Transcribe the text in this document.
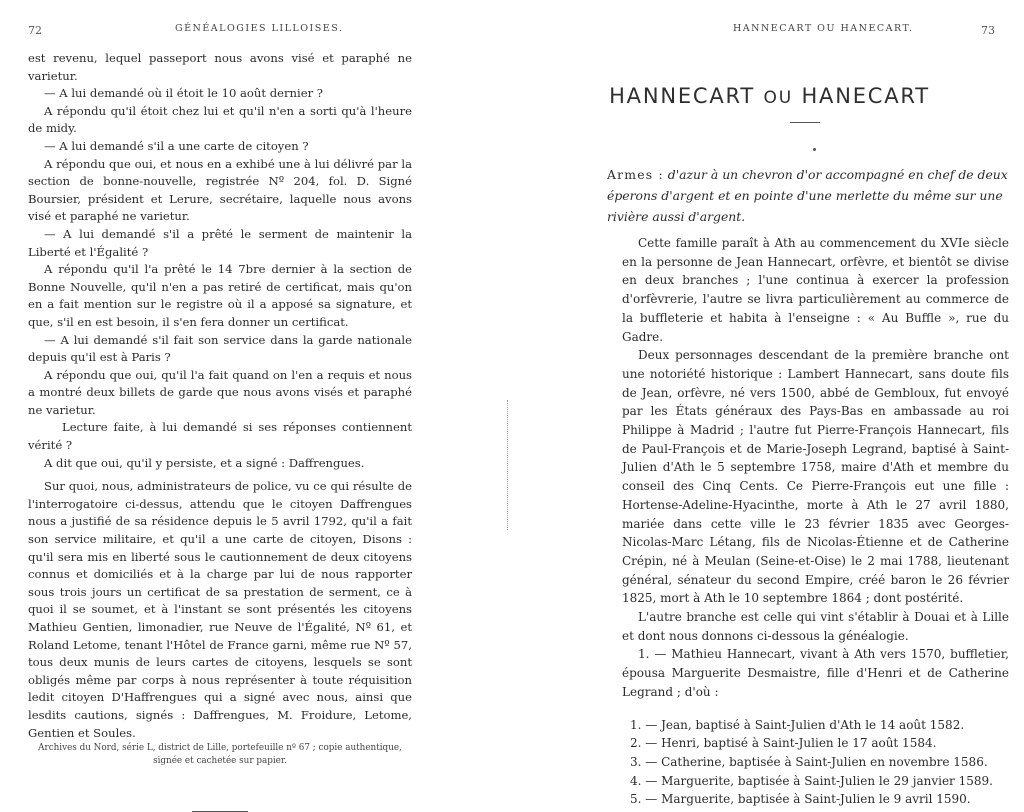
72	GÉNÉALOGIES LILLOISES.

est revenu, lequel passeport nous avons visé et paraphé ne varietur.

— A lui demandé où il étoit le 10 août dernier ?

A répondu qu'il étoit chez lui et qu'il n'en a sorti qu'à l'heure de midy.

— A lui demandé s'il a une carte de citoyen ?

A répondu que oui, et nous en a exhibé une à lui délivré par la section de bonne-nouvelle, registrée Nº 204, fol. D. Signé Boursier, président et Lerure, secrétaire, laquelle nous avons visé et paraphé ne varietur.

— A lui demandé s'il a prêté le serment de maintenir la Liberté et l'Égalité ?

A répondu qu'il l'a prêté le 14 7bre dernier à la section de Bonne Nouvelle, qu'il n'en a pas retiré de certificat, mais qu'on en a fait mention sur le registre où il a apposé sa signature, et que, s'il en est besoin, il s'en fera donner un certificat.

— A lui demandé s'il fait son service dans la garde nationale depuis qu'il est à Paris ?

A répondu que oui, qu'il l'a fait quand on l'en a requis et nous a montré deux billets de garde que nous avons visés et paraphé ne varietur.

Lecture faite, à lui demandé si ses réponses contiennent vérité ?

A dit que oui, qu'il y persiste, et a signé : Daffrengues.

Sur quoi, nous, administrateurs de police, vu ce qui résulte de l'interrogatoire ci-dessus, attendu que le citoyen Daffrengues nous a justifié de sa résidence depuis le 5 avril 1792, qu'il a fait son service militaire, et qu'il a une carte de citoyen, Disons : qu'il sera mis en liberté sous le cautionnement de deux citoyens connus et domiciliés et à la charge par lui de nous rapporter sous trois jours un certificat de sa prestation de serment, ce à quoi il se soumet, et à l'instant se sont présentés les citoyens Mathieu Gentien, limonadier, rue Neuve de l'Égalité, Nº 61, et Roland Letome, tenant l'Hôtel de France garni, même rue Nº 57, tous deux munis de leurs cartes de citoyens, lesquels se sont obligés même par corps à nous représenter à toute réquisition ledit citoyen D'Haffrengues qui a signé avec nous, ainsi que lesdits cautions, signés : Daffrengues, M. Froidure, Letome, Gentien et Soules.

Archives du Nord, série L, district de Lille, portefeuille nº 67 ; copie authentique, signée et cachetée sur papier.

HANNECART OU HANECART.	73
HANNECART OU HANECART
Armes : d'azur à un chevron d'or accompagné en chef de deux éperons d'argent et en pointe d'une merlette du même sur une rivière aussi d'argent.

Cette famille paraît à Ath au commencement du XVIe siècle en la personne de Jean Hannecart, orfèvre, et bientôt se divise en deux branches ; l'une continua à exercer la profession d'orfèvrerie, l'autre se livra particulièrement au commerce de la buffleterie et habita à l'enseigne : « Au Buffle », rue du Gadre.

Deux personnages descendant de la première branche ont une notoriété historique : Lambert Hannecart, sans doute fils de Jean, orfèvre, né vers 1500, abbé de Gembloux, fut envoyé par les États généraux des Pays-Bas en ambassade au roi Philippe à Madrid ; l'autre fut Pierre-François Hannecart, fils de Paul-François et de Marie-Joseph Legrand, baptisé à Saint-Julien d'Ath le 5 septembre 1758, maire d'Ath et membre du conseil des Cinq Cents. Ce Pierre-François eut une fille : Hortense-Adeline-Hyacinthe, morte à Ath le 27 avril 1880, mariée dans cette ville le 23 février 1835 avec Georges-Nicolas-Marc Létang, fils de Nicolas-Étienne et de Catherine Crépin, né à Meulan (Seine-et-Oise) le 2 mai 1788, lieutenant général, sénateur du second Empire, créé baron le 26 février 1825, mort à Ath le 10 septembre 1864 ; dont postérité.

L'autre branche est celle qui vint s'établir à Douai et à Lille et dont nous donnons ci-dessous la généalogie.

1. — Mathieu Hannecart, vivant à Ath vers 1570, buffletier, épousa Marguerite Desmaistre, fille d'Henri et de Catherine Legrand ; d'où :

1. — Jean, baptisé à Saint-Julien d'Ath le 14 août 1582.

2. — Henri, baptisé à Saint-Julien le 17 août 1584.

3. — Catherine, baptisée à Saint-Julien en novembre 1586.

4. — Marguerite, baptisée à Saint-Julien le 29 janvier 1589.

5. — Marguerite, baptisée à Saint-Julien le 9 avril 1590.
